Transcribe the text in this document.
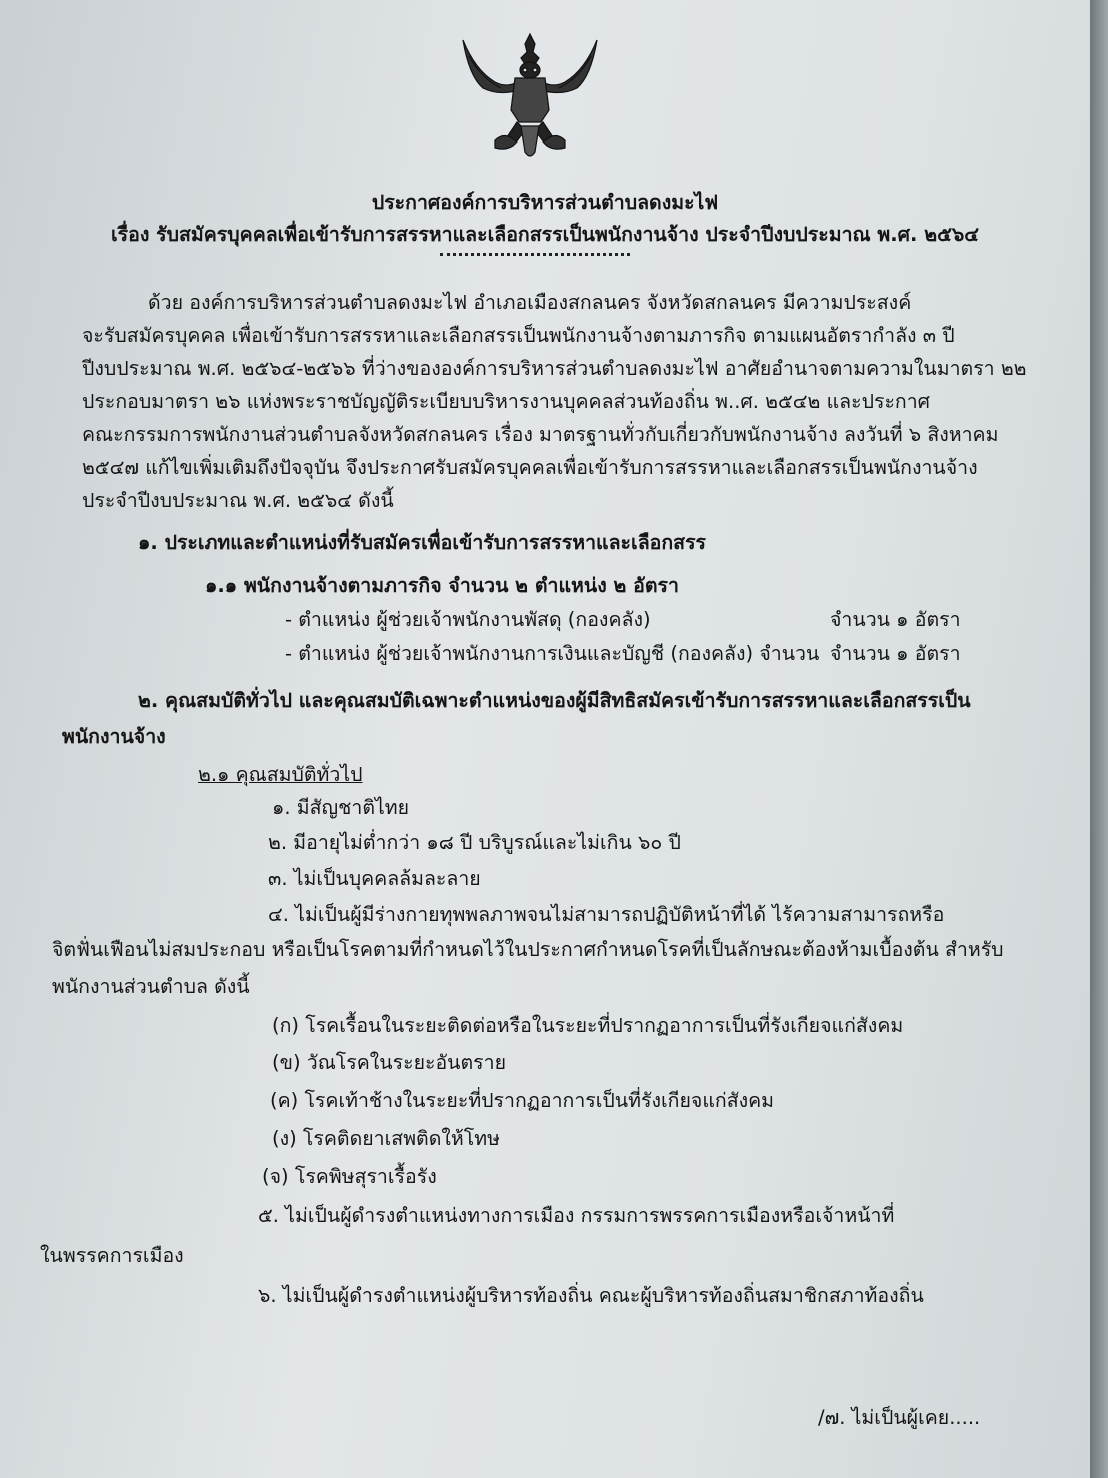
ประกาศองค์การบริหารส่วนตำบลดงมะไฟ
เรื่อง รับสมัครบุคคลเพื่อเข้ารับการสรรหาและเลือกสรรเป็นพนักงานจ้าง ประจำปีงบประมาณ พ.ศ. ๒๕๖๔
ด้วย องค์การบริหารส่วนตำบลดงมะไฟ อำเภอเมืองสกลนคร จังหวัดสกลนคร มีความประสงค์
จะรับสมัครบุคคล เพื่อเข้ารับการสรรหาและเลือกสรรเป็นพนักงานจ้างตามภารกิจ ตามแผนอัตรากำลัง ๓ ปี
ปีงบประมาณ พ.ศ. ๒๕๖๔-๒๕๖๖ ที่ว่างขององค์การบริหารส่วนตำบลดงมะไฟ อาศัยอำนาจตามความในมาตรา ๒๒
ประกอบมาตรา ๒๖ แห่งพระราชบัญญัติระเบียบบริหารงานบุคคลส่วนท้องถิ่น พ..ศ. ๒๕๔๒ และประกาศ
คณะกรรมการพนักงานส่วนตำบลจังหวัดสกลนคร เรื่อง มาตรฐานทั่วกับเกี่ยวกับพนักงานจ้าง ลงวันที่ ๖ สิงหาคม
๒๕๔๗ แก้ไขเพิ่มเติมถึงปัจจุบัน จึงประกาศรับสมัครบุคคลเพื่อเข้ารับการสรรหาและเลือกสรรเป็นพนักงานจ้าง
ประจำปีงบประมาณ พ.ศ. ๒๕๖๔ ดังนี้
๑. ประเภทและตำแหน่งที่รับสมัครเพื่อเข้ารับการสรรหาและเลือกสรร
๑.๑ พนักงานจ้างตามภารกิจ จำนวน ๒ ตำแหน่ง ๒ อัตรา
- ตำแหน่ง ผู้ช่วยเจ้าพนักงานพัสดุ (กองคลัง)	จำนวน ๑ อัตรา
- ตำแหน่ง ผู้ช่วยเจ้าพนักงานการเงินและบัญชี (กองคลัง) จำนวน จำนวน ๑ อัตรา
๒. คุณสมบัติทั่วไป และคุณสมบัติเฉพาะตำแหน่งของผู้มีสิทธิสมัครเข้ารับการสรรหาและเลือกสรรเป็น
พนักงานจ้าง
๒.๑ คุณสมบัติทั่วไป
๑. มีสัญชาติไทย
๒. มีอายุไม่ต่ำกว่า ๑๘ ปี บริบูรณ์และไม่เกิน ๖๐ ปี
๓. ไม่เป็นบุคคลล้มละลาย
๔. ไม่เป็นผู้มีร่างกายทุพพลภาพจนไม่สามารถปฏิบัติหน้าที่ได้ ไร้ความสามารถหรือ
จิตฟั่นเฟือนไม่สมประกอบ หรือเป็นโรคตามที่กำหนดไว้ในประกาศกำหนดโรคที่เป็นลักษณะต้องห้ามเบื้องต้น สำหรับ
พนักงานส่วนตำบล ดังนี้
(ก) โรคเรื้อนในระยะติดต่อหรือในระยะที่ปรากฏอาการเป็นที่รังเกียจแก่สังคม
(ข) วัณโรคในระยะอันตราย
(ค) โรคเท้าช้างในระยะที่ปรากฏอาการเป็นที่รังเกียจแก่สังคม
(ง) โรคติดยาเสพติดให้โทษ
(จ) โรคพิษสุราเรื้อรัง
๕. ไม่เป็นผู้ดำรงตำแหน่งทางการเมือง กรรมการพรรคการเมืองหรือเจ้าหน้าที่
ในพรรคการเมือง
๖. ไม่เป็นผู้ดำรงตำแหน่งผู้บริหารท้องถิ่น คณะผู้บริหารท้องถิ่นสมาชิกสภาท้องถิ่น
/๗. ไม่เป็นผู้เคย.....
